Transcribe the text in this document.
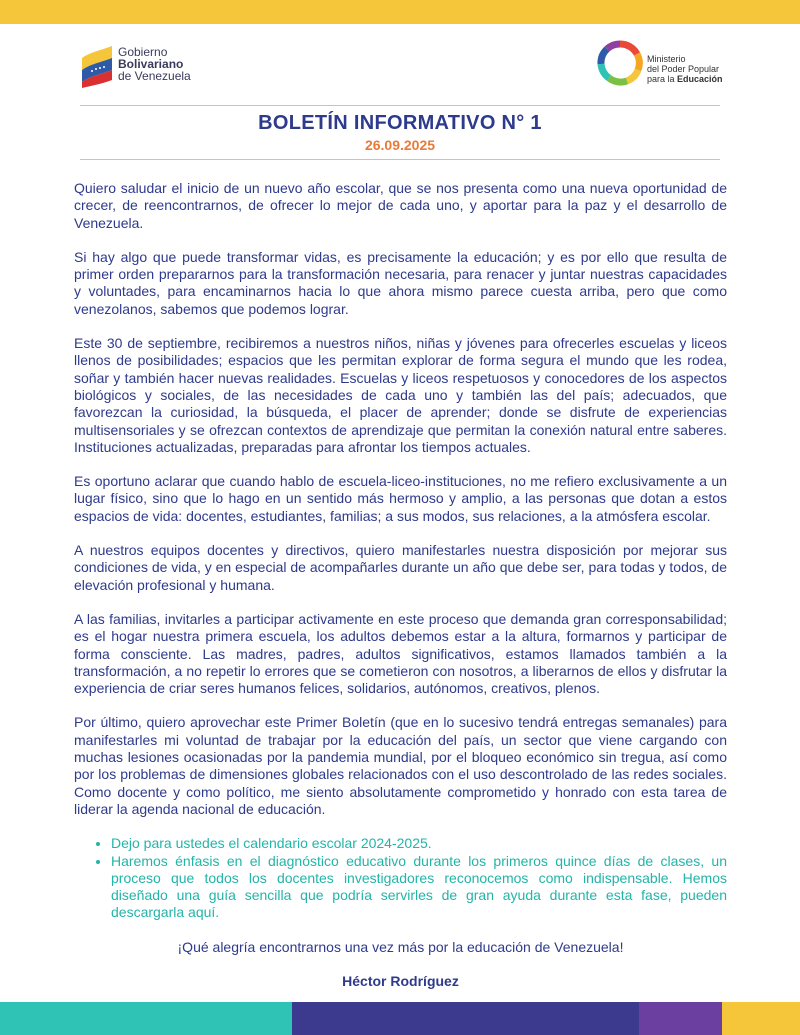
Gobierno
Bolivariano
de Venezuela
Ministerio
del Poder Popular
para la Educación
BOLETÍN INFORMATIVO N° 1
26.09.2025

Quiero saludar el inicio de un nuevo año escolar, que se nos presenta como una nueva oportunidad de crecer, de reencontrarnos, de ofrecer lo mejor de cada uno, y aportar para la paz y el desarrollo de Venezuela.

Si hay algo que puede transformar vidas, es precisamente la educación; y es por ello que resulta de primer orden prepararnos para la transformación necesaria, para renacer y juntar nuestras capacidades y voluntades, para encaminarnos hacia lo que ahora mismo parece cuesta arriba, pero que como venezolanos, sabemos que podemos lograr.

Este 30 de septiembre, recibiremos a nuestros niños, niñas y jóvenes para ofrecerles escuelas y liceos llenos de posibilidades; espacios que les permitan explorar de forma segura el mundo que les rodea, soñar y también hacer nuevas realidades. Escuelas y liceos respetuosos y conocedores de los aspectos biológicos y sociales, de las necesidades de cada uno y también las del país; adecuados, que favorezcan la curiosidad, la búsqueda, el placer de aprender; donde se disfrute de experiencias multisensoriales y se ofrezcan contextos de aprendizaje que permitan la conexión natural entre saberes. Instituciones actualizadas, preparadas para afrontar los tiempos actuales.

Es oportuno aclarar que cuando hablo de escuela-liceo-instituciones, no me refiero exclusivamente a un lugar físico, sino que lo hago en un sentido más hermoso y amplio, a las personas que dotan a estos espacios de vida: docentes, estudiantes, familias; a sus modos, sus relaciones, a la atmósfera escolar.

A nuestros equipos docentes y directivos, quiero manifestarles nuestra disposición por mejorar sus condiciones de vida, y en especial de acompañarles durante un año que debe ser, para todas y todos, de elevación profesional y humana.

A las familias, invitarles a participar activamente en este proceso que demanda gran corresponsabilidad; es el hogar nuestra primera escuela, los adultos debemos estar a la altura, formarnos y participar de forma consciente. Las madres, padres, adultos significativos, estamos llamados también a la transformación, a no repetir lo errores que se cometieron con nosotros, a liberarnos de ellos y disfrutar la experiencia de criar seres humanos felices, solidarios, autónomos, creativos, plenos.

Por último, quiero aprovechar este Primer Boletín (que en lo sucesivo tendrá entregas semanales) para manifestarles mi voluntad de trabajar por la educación del país, un sector que viene cargando con muchas lesiones ocasionadas por la pandemia mundial, por el bloqueo económico sin tregua, así como por los problemas de dimensiones globales relacionados con el uso descontrolado de las redes sociales. Como docente y como político, me siento absolutamente comprometido y honrado con esta tarea de liderar la agenda nacional de educación.

• Dejo para ustedes el calendario escolar 2024-2025.
• Haremos énfasis en el diagnóstico educativo durante los primeros quince días de clases, un proceso que todos los docentes investigadores reconocemos como indispensable. Hemos diseñado una guía sencilla que podría servirles de gran ayuda durante esta fase, pueden descargarla aquí.

¡Qué alegría encontrarnos una vez más por la educación de Venezuela!

Héctor Rodríguez
